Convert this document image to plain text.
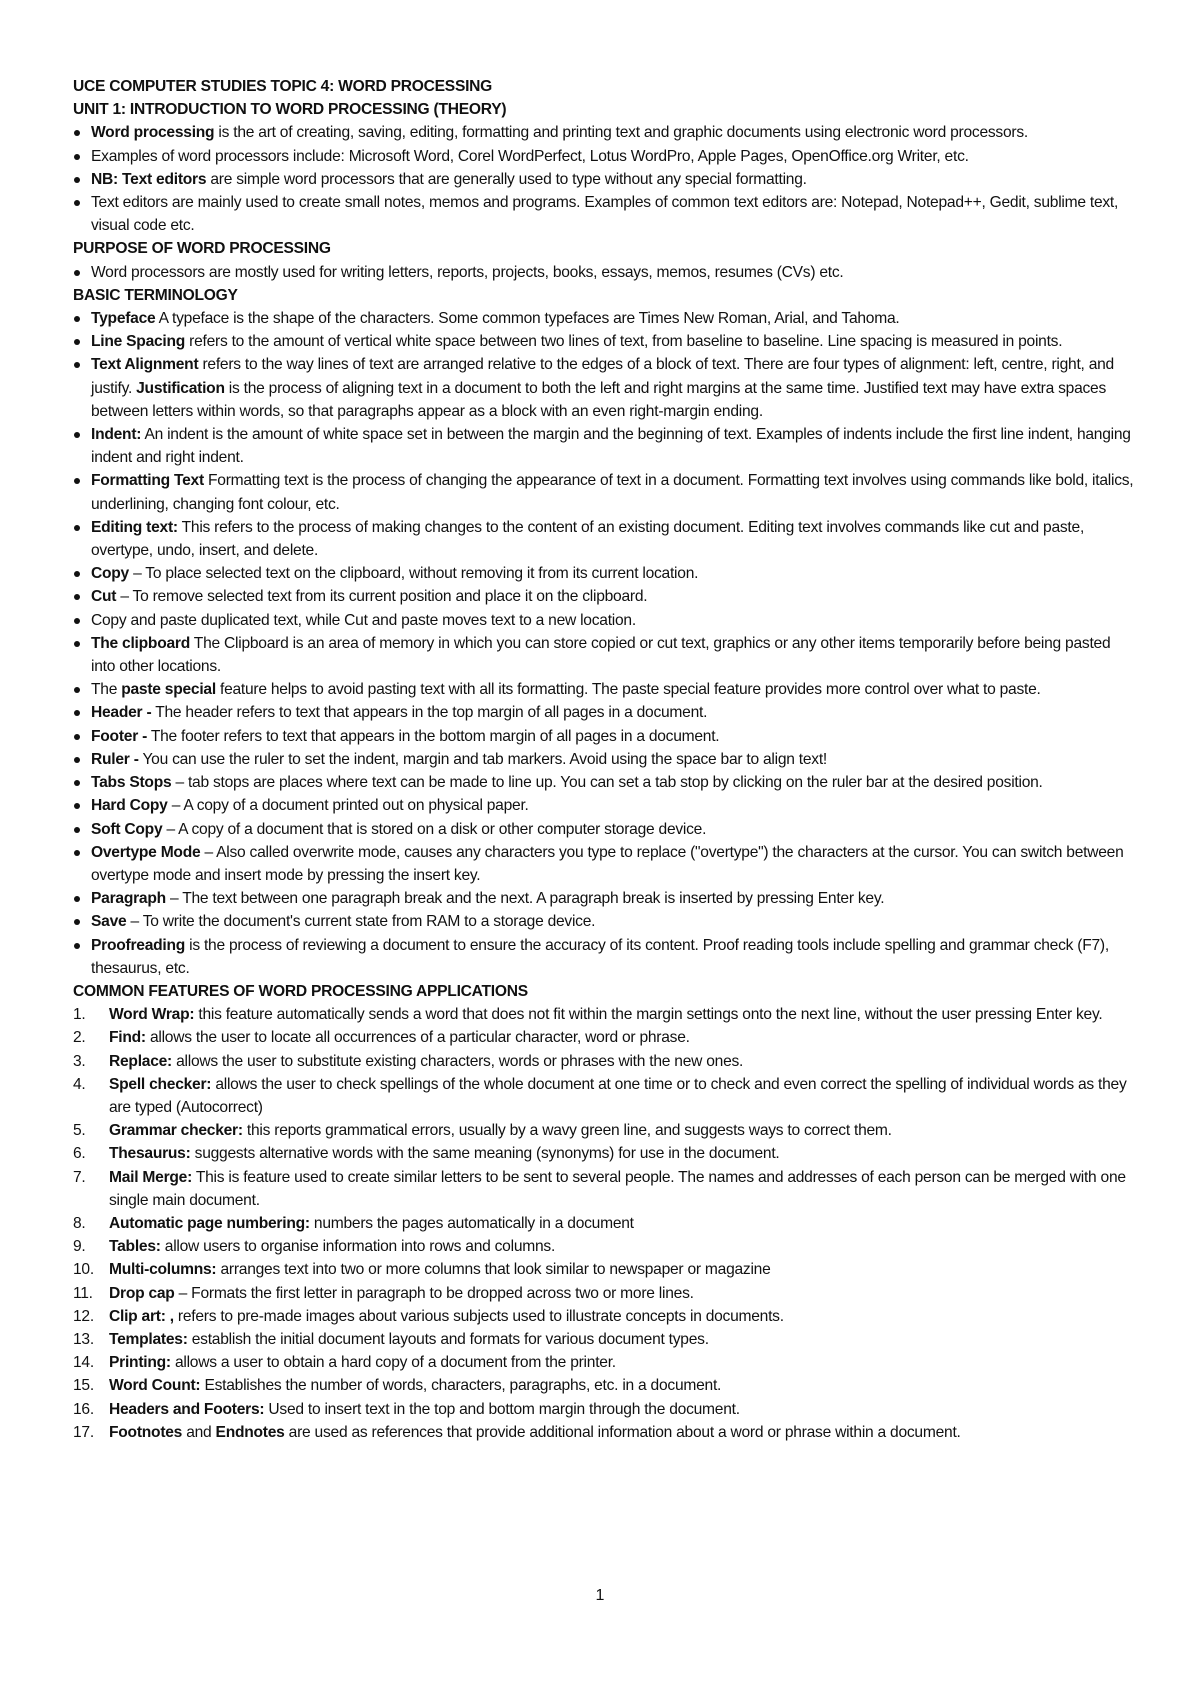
UCE COMPUTER STUDIES TOPIC 4: WORD PROCESSING

UNIT 1: INTRODUCTION TO WORD PROCESSING (THEORY)

Word processing is the art of creating, saving, editing, formatting and printing text and graphic documents using electronic word processors.
Examples of word processors include: Microsoft Word, Corel WordPerfect, Lotus WordPro, Apple Pages, OpenOffice.org Writer, etc.
NB: Text editors are simple word processors that are generally used to type without any special formatting.
Text editors are mainly used to create small notes, memos and programs. Examples of common text editors are: Notepad, Notepad++, Gedit, sublime text, visual code etc.

PURPOSE OF WORD PROCESSING

Word processors are mostly used for writing letters, reports, projects, books, essays, memos, resumes (CVs) etc.

BASIC TERMINOLOGY

Typeface A typeface is the shape of the characters. Some common typefaces are Times New Roman, Arial, and Tahoma.
Line Spacing refers to the amount of vertical white space between two lines of text, from baseline to baseline. Line spacing is measured in points.
Text Alignment refers to the way lines of text are arranged relative to the edges of a block of text. There are four types of alignment: left, centre, right, and justify. Justification is the process of aligning text in a document to both the left and right margins at the same time. Justified text may have extra spaces between letters within words, so that paragraphs appear as a block with an even right-margin ending.
Indent: An indent is the amount of white space set in between the margin and the beginning of text. Examples of indents include the first line indent, hanging indent and right indent.
Formatting Text Formatting text is the process of changing the appearance of text in a document. Formatting text involves using commands like bold, italics, underlining, changing font colour, etc.
Editing text: This refers to the process of making changes to the content of an existing document. Editing text involves commands like cut and paste, overtype, undo, insert, and delete.
Copy – To place selected text on the clipboard, without removing it from its current location.
Cut – To remove selected text from its current position and place it on the clipboard.
Copy and paste duplicated text, while Cut and paste moves text to a new location.
The clipboard The Clipboard is an area of memory in which you can store copied or cut text, graphics or any other items temporarily before being pasted into other locations.
The paste special feature helps to avoid pasting text with all its formatting. The paste special feature provides more control over what to paste.
Header - The header refers to text that appears in the top margin of all pages in a document.
Footer - The footer refers to text that appears in the bottom margin of all pages in a document.
Ruler - You can use the ruler to set the indent, margin and tab markers. Avoid using the space bar to align text!
Tabs Stops – tab stops are places where text can be made to line up. You can set a tab stop by clicking on the ruler bar at the desired position.
Hard Copy – A copy of a document printed out on physical paper.
Soft Copy – A copy of a document that is stored on a disk or other computer storage device.
Overtype Mode – Also called overwrite mode, causes any characters you type to replace ("overtype") the characters at the cursor. You can switch between overtype mode and insert mode by pressing the insert key.
Paragraph – The text between one paragraph break and the next. A paragraph break is inserted by pressing Enter key.
Save – To write the document's current state from RAM to a storage device.
Proofreading is the process of reviewing a document to ensure the accuracy of its content. Proof reading tools include spelling and grammar check (F7), thesaurus, etc.

COMMON FEATURES OF WORD PROCESSING APPLICATIONS

1. Word Wrap: this feature automatically sends a word that does not fit within the margin settings onto the next line, without the user pressing Enter key.
2. Find: allows the user to locate all occurrences of a particular character, word or phrase.
3. Replace: allows the user to substitute existing characters, words or phrases with the new ones.
4. Spell checker: allows the user to check spellings of the whole document at one time or to check and even correct the spelling of individual words as they are typed (Autocorrect)
5. Grammar checker: this reports grammatical errors, usually by a wavy green line, and suggests ways to correct them.
6. Thesaurus: suggests alternative words with the same meaning (synonyms) for use in the document.
7. Mail Merge: This is feature used to create similar letters to be sent to several people. The names and addresses of each person can be merged with one single main document.
8. Automatic page numbering: numbers the pages automatically in a document
9. Tables: allow users to organise information into rows and columns.
10. Multi-columns: arranges text into two or more columns that look similar to newspaper or magazine
11. Drop cap – Formats the first letter in paragraph to be dropped across two or more lines.
12. Clip art: , refers to pre-made images about various subjects used to illustrate concepts in documents.
13. Templates: establish the initial document layouts and formats for various document types.
14. Printing: allows a user to obtain a hard copy of a document from the printer.
15. Word Count: Establishes the number of words, characters, paragraphs, etc. in a document.
16. Headers and Footers: Used to insert text in the top and bottom margin through the document.
17. Footnotes and Endnotes are used as references that provide additional information about a word or phrase within a document.
1
